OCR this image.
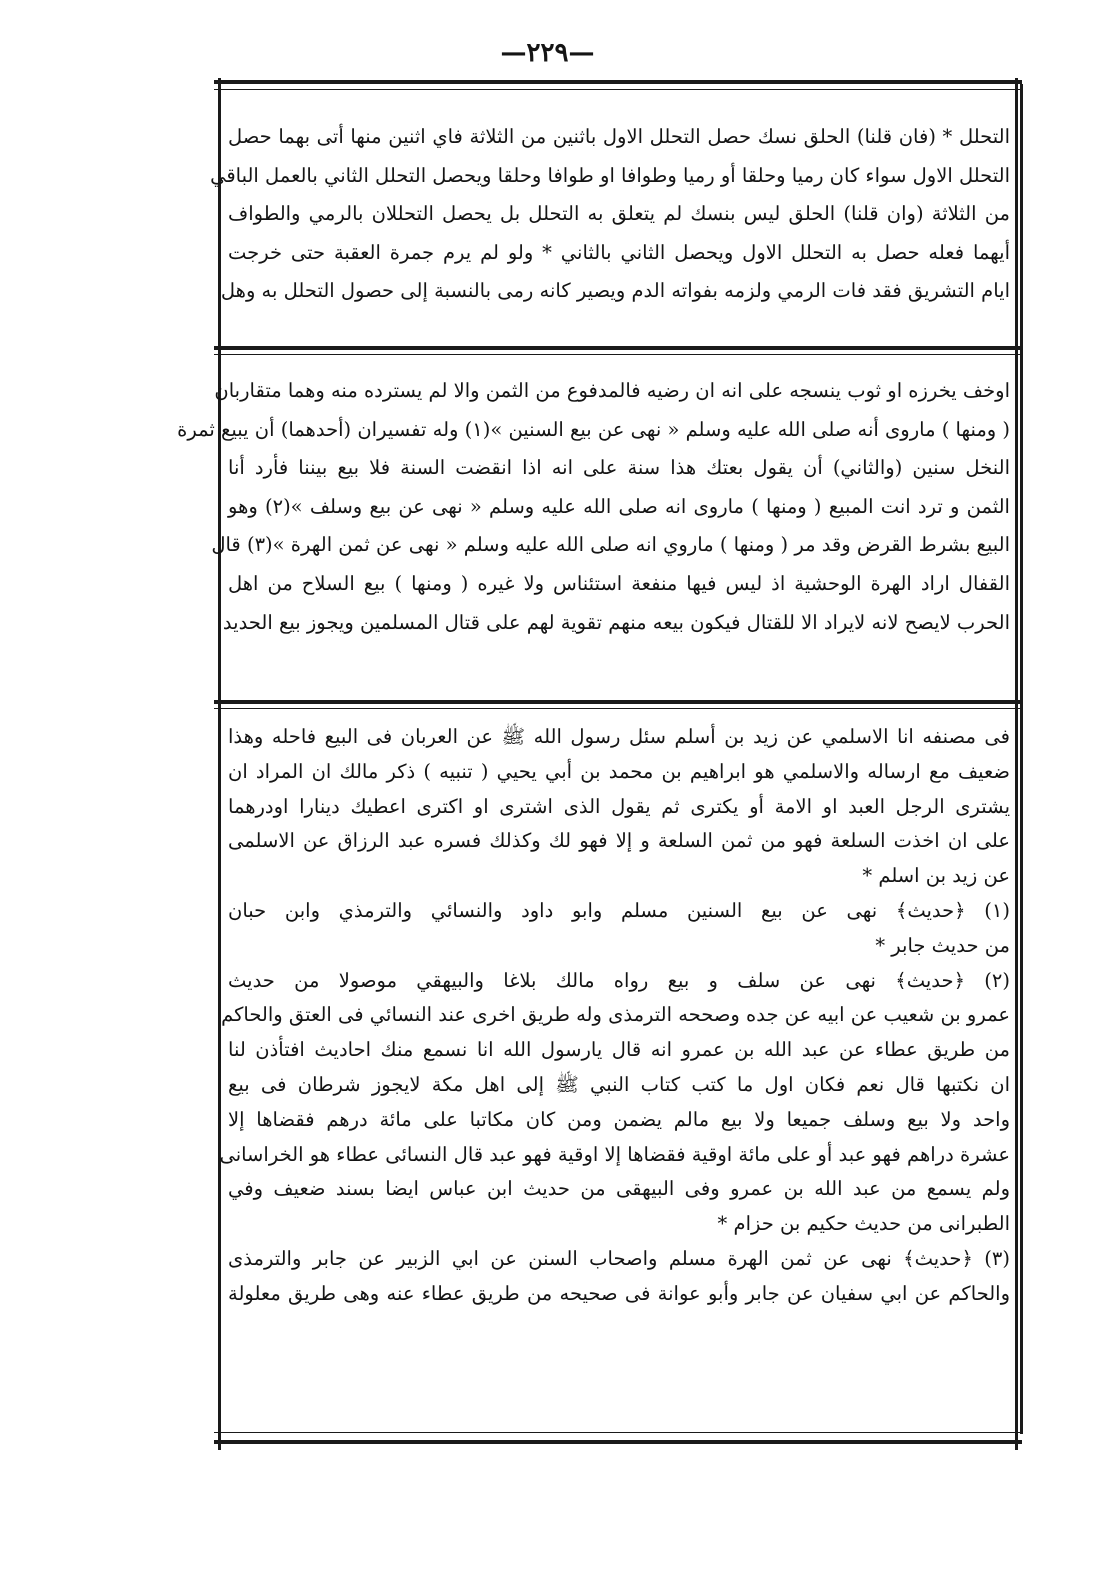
—٢٢٩—

التحلل * (فان قلنا) الحلق نسك حصل التحلل الاول باثنين من الثلاثة فاي اثنين منها أتى بهما حصل

التحلل الاول سواء كان رميا وحلقا أو رميا وطوافا او طوافا وحلقا ويحصل التحلل الثاني بالعمل الباقي

من الثلاثة (وان قلنا) الحلق ليس بنسك لم يتعلق به التحلل بل يحصل التحللان بالرمي والطواف

أيهما فعله حصل به التحلل الاول ويحصل الثاني بالثاني * ولو لم يرم جمرة العقبة حتى خرجت

ايام التشريق فقد فات الرمي ولزمه بفواته الدم ويصير كانه رمى بالنسبة إلى حصول التحلل به وهل

اوخف يخرزه او ثوب ينسجه على انه ان رضيه فالمدفوع من الثمن والا لم يسترده منه وهما متقاربان

( ومنها ) ماروى أنه صلى الله عليه وسلم « نهى عن بيع السنين »(١) وله تفسيران (أحدهما) أن يبيع ثمرة

النخل سنين (والثاني) أن يقول بعتك هذا سنة على انه اذا انقضت السنة فلا بيع بيننا فأرد أنا

الثمن و ترد انت المبيع ( ومنها ) ماروى انه صلى الله عليه وسلم « نهى عن بيع وسلف »(٢) وهو

البيع بشرط القرض وقد مر ( ومنها ) ماروي انه صلى الله عليه وسلم « نهى عن ثمن الهرة »(٣) قال

القفال اراد الهرة الوحشية اذ ليس فيها منفعة استئناس ولا غيره ( ومنها ) بيع السلاح من اهل

الحرب لايصح لانه لايراد الا للقتال فيكون بيعه منهم تقوية لهم على قتال المسلمين ويجوز بيع الحديد

فى مصنفه انا الاسلمي عن زيد بن أسلم سئل رسول الله ﷺ عن العربان فى البيع فاحله وهذا

ضعيف مع ارساله والاسلمي هو ابراهيم بن محمد بن أبي يحيي ( تنبيه ) ذكر مالك ان المراد ان

يشترى الرجل العبد او الامة أو يكترى ثم يقول الذى اشترى او اكترى اعطيك دينارا اودرهما

على ان اخذت السلعة فهو من ثمن السلعة و إلا فهو لك وكذلك فسره عبد الرزاق عن الاسلمى

عن زيد بن اسلم *

(١) ﴿حديث﴾ نهى عن بيع السنين مسلم وابو داود والنسائي والترمذي وابن حبان

من حديث جابر *

(٢) ﴿حديث﴾ نهى عن سلف و بيع رواه مالك بلاغا والبيهقي موصولا من حديث

عمرو بن شعيب عن ابيه عن جده وصححه الترمذى وله طريق اخرى عند النسائي فى العتق والحاكم

من طريق عطاء عن عبد الله بن عمرو انه قال يارسول الله انا نسمع منك احاديث افتأذن لنا

ان نكتبها قال نعم فكان اول ما كتب كتاب النبي ﷺ إلى اهل مكة لايجوز شرطان فى بيع

واحد ولا بيع وسلف جميعا ولا بيع مالم يضمن ومن كان مكاتبا على مائة درهم فقضاها إلا

عشرة دراهم فهو عبد أو على مائة اوقية فقضاها إلا اوقية فهو عبد قال النسائى عطاء هو الخراسانى

ولم يسمع من عبد الله بن عمرو وفى البيهقى من حديث ابن عباس ايضا بسند ضعيف وفي

الطبرانى من حديث حكيم بن حزام *

(٣) ﴿حديث﴾ نهى عن ثمن الهرة مسلم واصحاب السنن عن ابي الزبير عن جابر والترمذى

والحاكم عن ابي سفيان عن جابر وأبو عوانة فى صحيحه من طريق عطاء عنه وهى طريق معلولة
